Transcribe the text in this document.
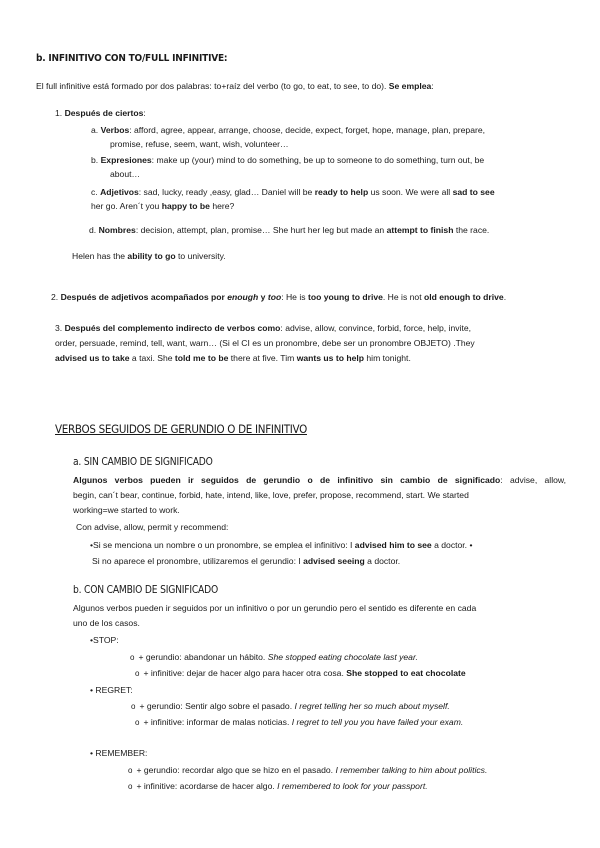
b. INFINITIVO CON TO/FULL INFINITIVE:
El full infinitive está formado por dos palabras: to+raíz del verbo (to go, to eat, to see, to do). Se emplea:
1. Después de ciertos:
a. Verbos: afford, agree, appear, arrange, choose, decide, expect, forget, hope, manage, plan, prepare,
promise, refuse, seem, want, wish, volunteer…
b. Expresiones: make up (your) mind to do something, be up to someone to do something, turn out, be
about…
c. Adjetivos: sad, lucky, ready ,easy, glad… Daniel will be ready to help us soon. We were all sad to see
her go. Aren´t you happy to be here?
d. Nombres: decision, attempt, plan, promise… She hurt her leg but made an attempt to finish the race.
Helen has the ability to go to university.
2. Después de adjetivos acompañados por enough y too: He is too young to drive. He is not old enough to drive.
3. Después del complemento indirecto de verbos como: advise, allow, convince, forbid, force, help, invite,
order, persuade, remind, tell, want, warn… (Si el CI es un pronombre, debe ser un pronombre OBJETO) .They
advised us to take a taxi. She told me to be there at five. Tim wants us to help him tonight.
VERBOS SEGUIDOS DE GERUNDIO O DE INFINITIVO
a. SIN CAMBIO DE SIGNIFICADO
Algunos verbos pueden ir seguidos de gerundio o de infinitivo sin cambio de significado: advise, allow,
begin, can´t bear, continue, forbid, hate, intend, like, love, prefer, propose, recommend, start. We started
working=we started to work.
Con advise, allow, permit y recommend:
•Si se menciona un nombre o un pronombre, se emplea el infinitivo: I advised him to see a doctor. •
Si no aparece el pronombre, utilizaremos el gerundio: I advised seeing a doctor.
b. CON CAMBIO DE SIGNIFICADO
Algunos verbos pueden ir seguidos por un infinitivo o por un gerundio pero el sentido es diferente en cada
uno de los casos.
•STOP:
o + gerundio: abandonar un hábito. She stopped eating chocolate last year.
o + infinitive: dejar de hacer algo para hacer otra cosa. She stopped to eat chocolate
• REGRET:
o + gerundio: Sentir algo sobre el pasado. I regret telling her so much about myself.
o + infinitive: informar de malas noticias. I regret to tell you you have failed your exam.
• REMEMBER:
o + gerundio: recordar algo que se hizo en el pasado. I remember talking to him about politics.
o + infinitive: acordarse de hacer algo. I remembered to look for your passport.
